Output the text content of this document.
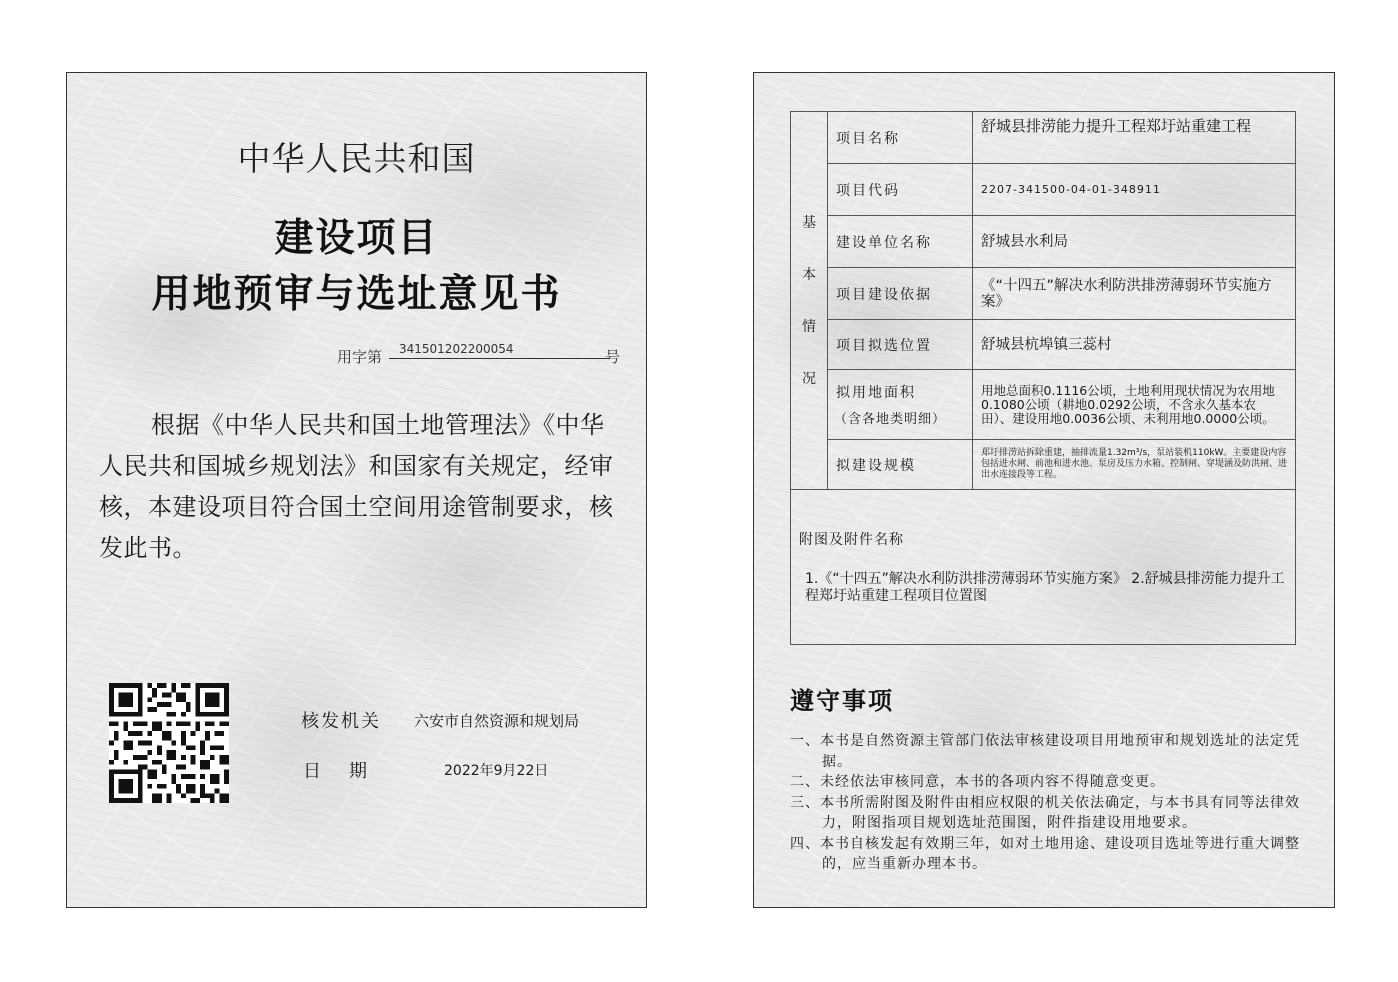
中华人民共和国
建设项目
用地预审与选址意见书
用字第	341501202200054	号
根据《中华人民共和国土地管理法》《中华人民共和国城乡规划法》和国家有关规定，经审核，本建设项目符合国土空间用途管制要求，核发此书。
核发机关 六安市自然资源和规划局
日期	2022年9月22日
基
本
情
况	项目名称	舒城县排涝能力提升工程郑圩站重建工程
	项目代码	2207-341500-04-01-348911
	建设单位名称	舒城县水利局
	项目建设依据	《“十四五”解决水利防洪排涝薄弱环节实施方案》
	项目拟选位置	舒城县杭埠镇三蕊村

	拟用地面积
（含各地类明细）	用地总面积0.1116公顷，土地利用现状情况为农用地0.1080公顷（耕地0.0292公顷，不含永久基本农田）、建设用地0.0036公顷、未利用地0.0000公顷。
	拟建设规模	郑圩排涝站拆除重建，抽排流量1.32m³/s，泵站装机110kW。主要建设内容包括进水闸、前池和进水池、泵房及压力水箱、控制闸、穿堤涵及防洪闸、进出水连接段等工程。

附图及附件名称
1.《“十四五”解决水利防洪排涝薄弱环节实施方案》 2.舒城县排涝能力提升工程郑圩站重建工程项目位置图		
遵守事项
一、本书是自然资源主管部门依法审核建设项目用地预审和规划选址的法定凭据。
二、未经依法审核同意，本书的各项内容不得随意变更。
三、本书所需附图及附件由相应权限的机关依法确定，与本书具有同等法律效力，附图指项目规划选址范围图，附件指建设用地要求。
四、本书自核发起有效期三年，如对土地用途、建设项目选址等进行重大调整的，应当重新办理本书。
